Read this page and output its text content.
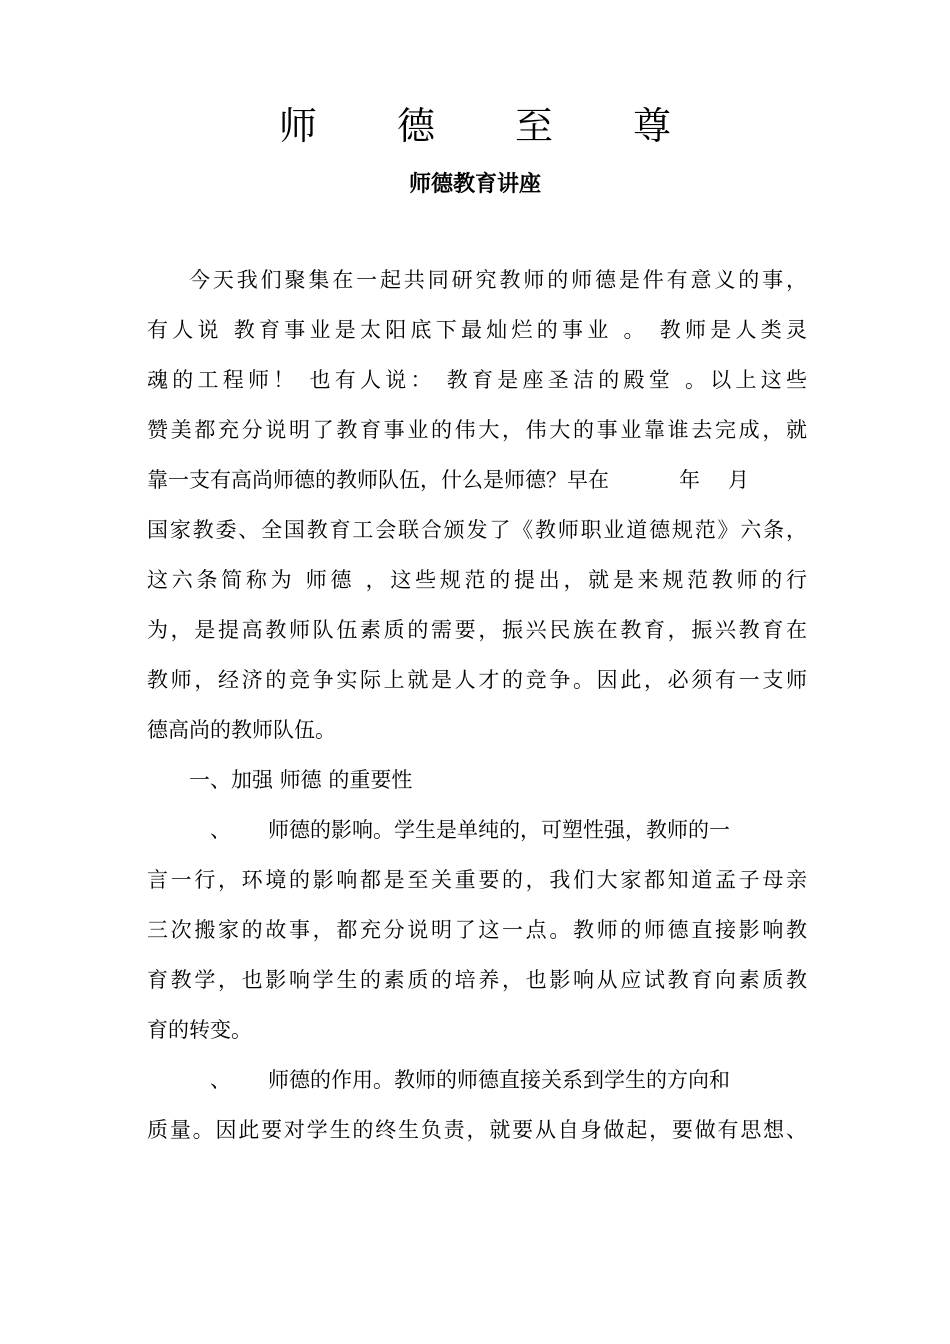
师 德 至 尊
师德教育讲座
今天我们聚集在一起共同研究教师的师德是件有意义的事，
有人说 教育事业是太阳底下最灿烂的事业 。 教师是人类灵
魂的工程师！ 也有人说： 教育是座圣洁的殿堂 。以上这些
赞美都充分说明了教育事业的伟大，伟大的事业靠谁去完成，就
靠一支有高尚师德的教师队伍，什么是师德？早在	年 月
国家教委、全国教育工会联合颁发了《教师职业道德规范》六条，
这六条简称为 师德 ，这些规范的提出，就是来规范教师的行
为，是提高教师队伍素质的需要，振兴民族在教育，振兴教育在
教师，经济的竞争实际上就是人才的竞争。因此，必须有一支师
德高尚的教师队伍。
一、加强 师德 的重要性
、 师德的影响。学生是单纯的，可塑性强，教师的一
言一行，环境的影响都是至关重要的，我们大家都知道孟子母亲
三次搬家的故事，都充分说明了这一点。教师的师德直接影响教
育教学，也影响学生的素质的培养，也影响从应试教育向素质教
育的转变。
、 师德的作用。教师的师德直接关系到学生的方向和
质量。因此要对学生的终生负责，就要从自身做起，要做有思想、
